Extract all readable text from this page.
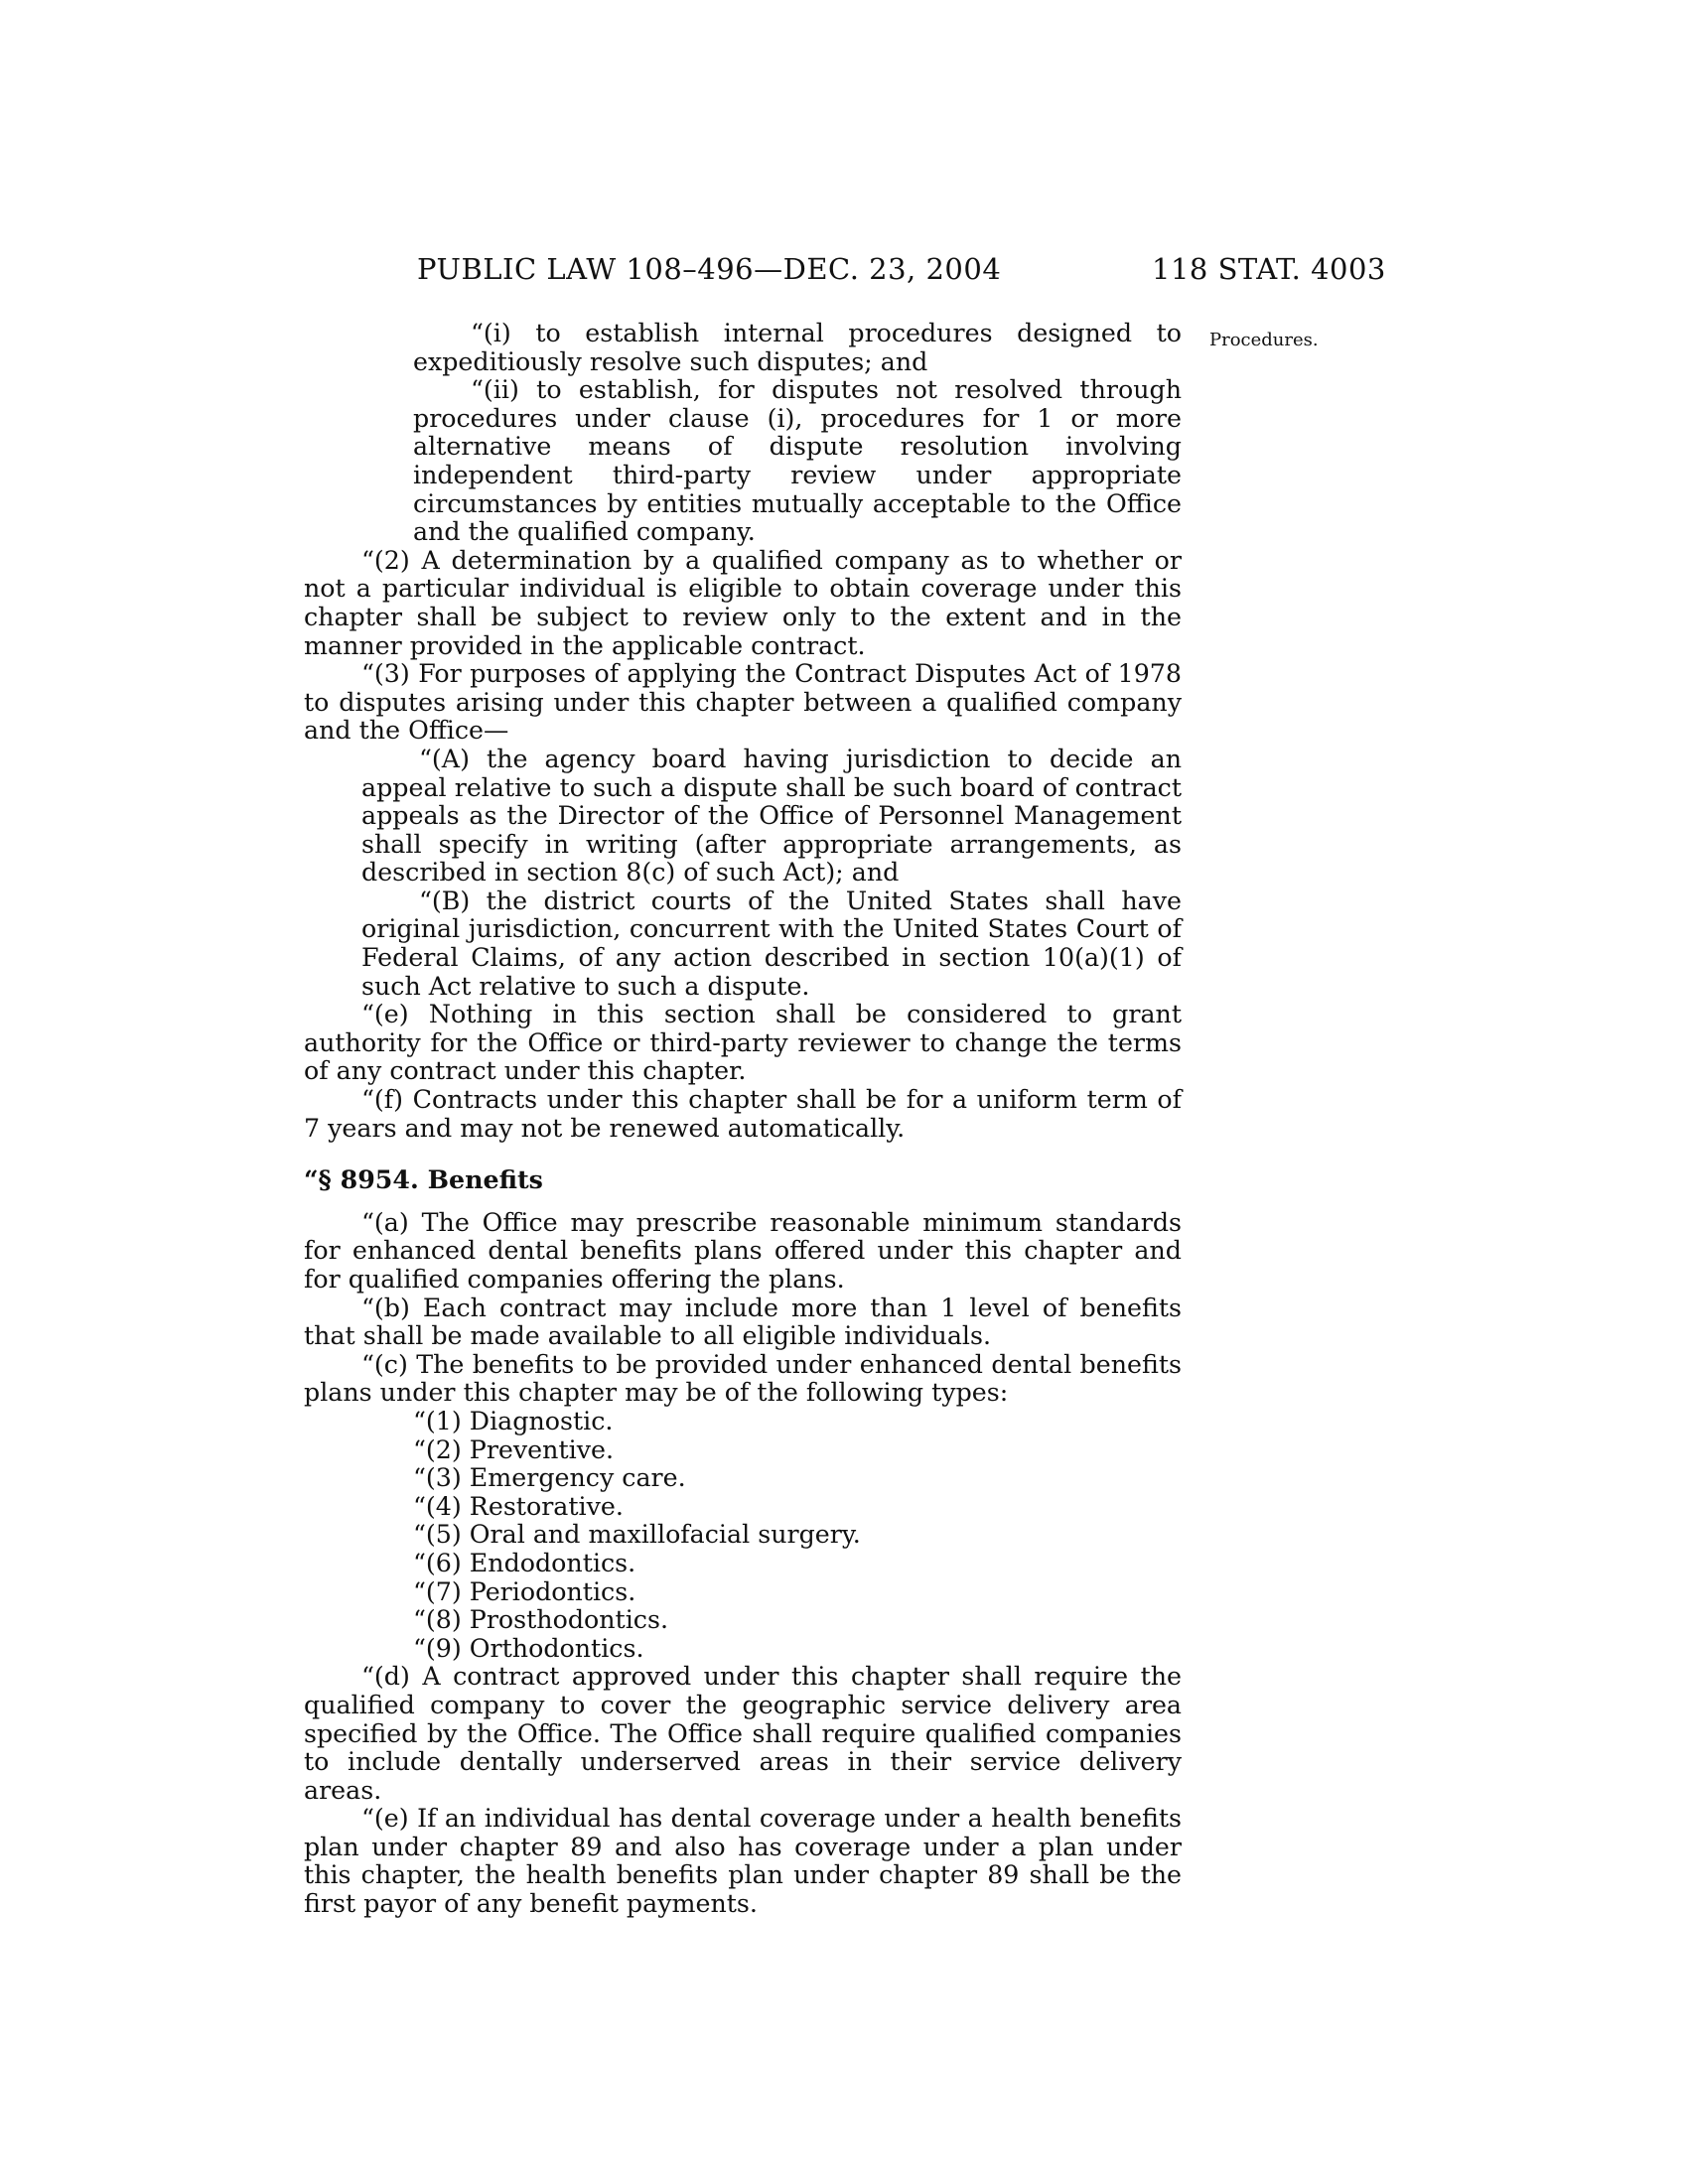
PUBLIC LAW 108–496—DEC. 23, 2004	118 STAT. 4003
Procedures.

“(i) to establish internal procedures designed to expeditiously resolve such disputes; and

“(ii) to establish, for disputes not resolved through procedures under clause (i), procedures for 1 or more alternative means of dispute resolution involving independent third-party review under appropriate circumstances by entities mutually acceptable to the Office and the qualified company.

“(2) A determination by a qualified company as to whether or not a particular individual is eligible to obtain coverage under this chapter shall be subject to review only to the extent and in the manner provided in the applicable contract.

“(3) For purposes of applying the Contract Disputes Act of 1978 to disputes arising under this chapter between a qualified company and the Office—

“(A) the agency board having jurisdiction to decide an appeal relative to such a dispute shall be such board of contract appeals as the Director of the Office of Personnel Management shall specify in writing (after appropriate arrangements, as described in section 8(c) of such Act); and

“(B) the district courts of the United States shall have original jurisdiction, concurrent with the United States Court of Federal Claims, of any action described in section 10(a)(1) of such Act relative to such a dispute.

“(e) Nothing in this section shall be considered to grant authority for the Office or third-party reviewer to change the terms of any contract under this chapter.

“(f) Contracts under this chapter shall be for a uniform term of 7 years and may not be renewed automatically.

“§ 8954. Benefits

“(a) The Office may prescribe reasonable minimum standards for enhanced dental benefits plans offered under this chapter and for qualified companies offering the plans.

“(b) Each contract may include more than 1 level of benefits that shall be made available to all eligible individuals.

“(c) The benefits to be provided under enhanced dental benefits plans under this chapter may be of the following types:

“(1) Diagnostic.

“(2) Preventive.

“(3) Emergency care.

“(4) Restorative.

“(5) Oral and maxillofacial surgery.

“(6) Endodontics.

“(7) Periodontics.

“(8) Prosthodontics.

“(9) Orthodontics.

“(d) A contract approved under this chapter shall require the qualified company to cover the geographic service delivery area specified by the Office. The Office shall require qualified companies to include dentally underserved areas in their service delivery areas.

“(e) If an individual has dental coverage under a health benefits plan under chapter 89 and also has coverage under a plan under this chapter, the health benefits plan under chapter 89 shall be the first payor of any benefit payments.
